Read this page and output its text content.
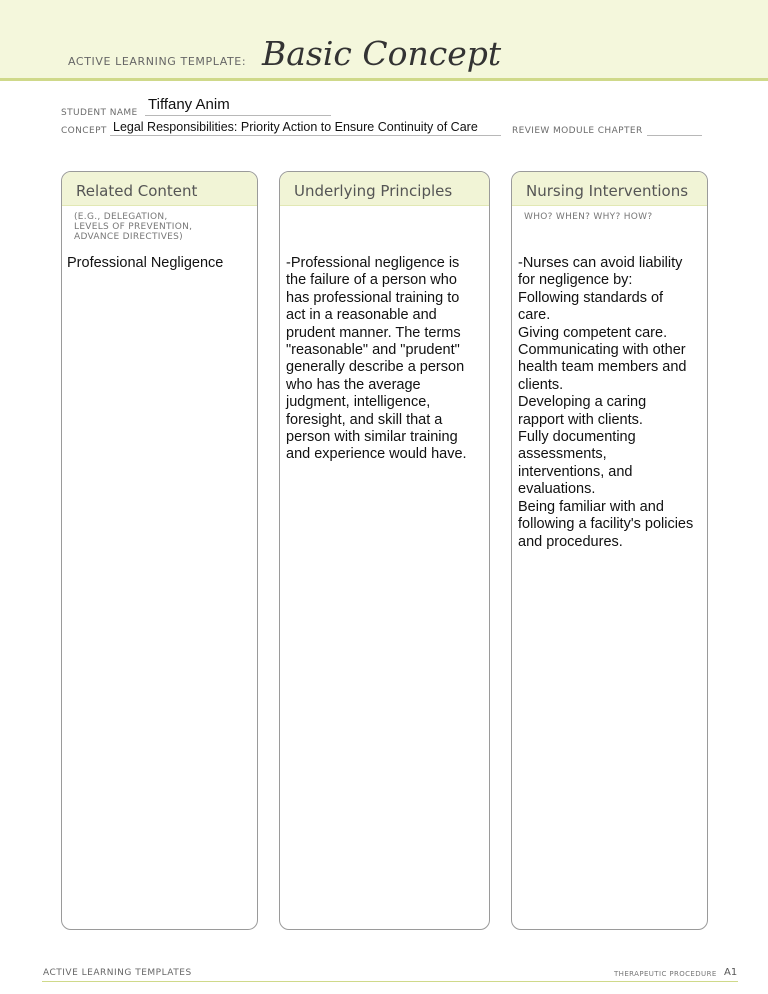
ACTIVE LEARNING TEMPLATE: Basic Concept
STUDENT NAME Tiffany Anim
CONCEPT Legal Responsibilities: Priority Action to Ensure Continuity of Care	REVIEW MODULE CHAPTER
Related Content
(E.G., DELEGATION,
LEVELS OF PREVENTION,
ADVANCE DIRECTIVES)
Professional Negligence
Underlying Principles
-Professional negligence is
the failure of a person who
has professional training to
act in a reasonable and
prudent manner. The terms
"reasonable" and "prudent"
generally describe a person
who has the average
judgment, intelligence,
foresight, and skill that a
person with similar training
and experience would have.
Nursing Interventions
WHO? WHEN? WHY? HOW?
-Nurses can avoid liability
for negligence by:
Following standards of
care.
Giving competent care.
Communicating with other
health team members and
clients.
Developing a caring
rapport with clients.
Fully documenting
assessments,
interventions, and
evaluations.
Being familiar with and
following a facility's policies
and procedures.
ACTIVE LEARNING TEMPLATES	THERAPEUTIC PROCEDURE A1
